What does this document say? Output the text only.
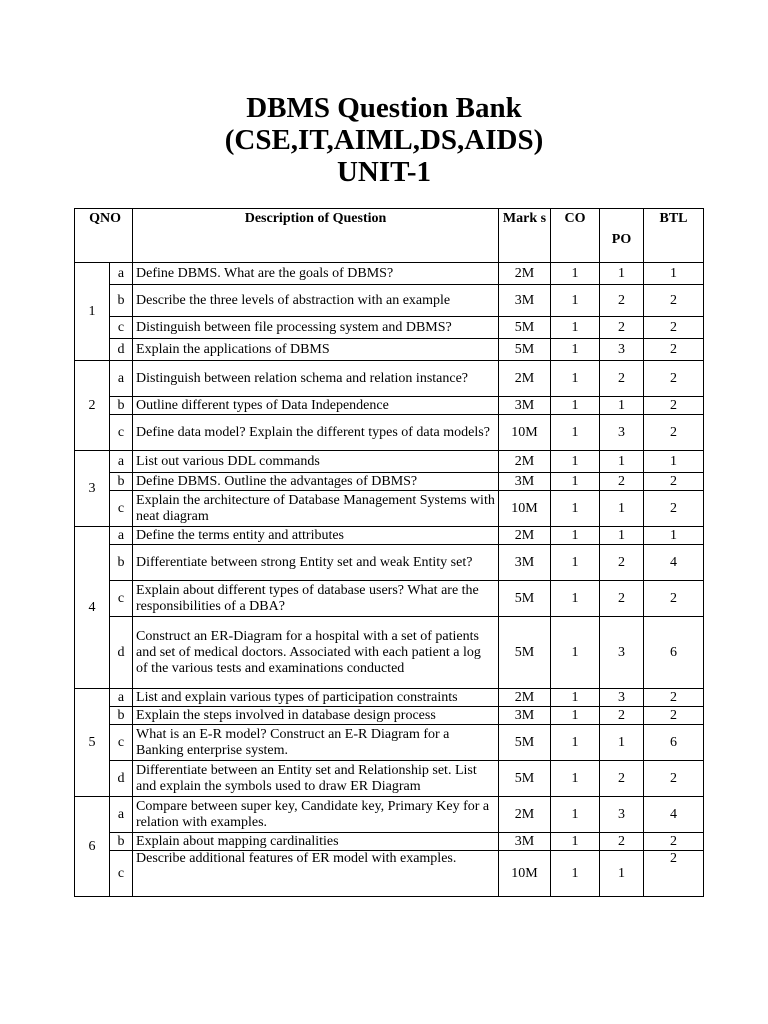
DBMS Question Bank
(CSE,IT,AIML,DS,AIDS)
UNIT-1
QNO		Description of Question	Mark s	CO	PO	BTL
1	a	Define DBMS. What are the goals of DBMS?	2M	1	1	1
	b	Describe the three levels of abstraction with an example	3M	1	2	2
	c	Distinguish between file processing system and DBMS?	5M	1	2	2
	d	Explain the applications of DBMS	5M	1	3	2
2	a	Distinguish between relation schema and relation instance?	2M	1	2	2
	b	Outline different types of Data Independence	3M	1	1	2
	c	Define data model? Explain the different types of data models?	10M	1	3	2
3	a	List out various DDL commands	2M	1	1	1
	b	Define DBMS. Outline the advantages of DBMS?	3M	1	2	2
	c	Explain the architecture of Database Management Systems with neat diagram	10M	1	1	2
4	a	Define the terms entity and attributes	2M	1	1	1
	b	Differentiate between strong Entity set and weak Entity set?	3M	1	2	4
	c	Explain about different types of database users? What are the responsibilities of a DBA?	5M	1	2	2
	d	Construct an ER-Diagram for a hospital with a set of patients and set of medical doctors. Associated with each patient a log of the various tests and examinations conducted	5M	1	3	6
5	a	List and explain various types of participation constraints	2M	1	3	2
	b	Explain the steps involved in database design process	3M	1	2	2
	c	What is an E-R model? Construct an E-R Diagram for a Banking enterprise system.	5M	1	1	6
	d	Differentiate between an Entity set and Relationship set. List and explain the symbols used to draw ER Diagram	5M	1	2	2
6	a	Compare between super key, Candidate key, Primary Key for a relation with examples.	2M	1	3	4
	b	Explain about mapping cardinalities	3M	1	2	2
	c	Describe additional features of ER model with examples.	10M	1	1	2
